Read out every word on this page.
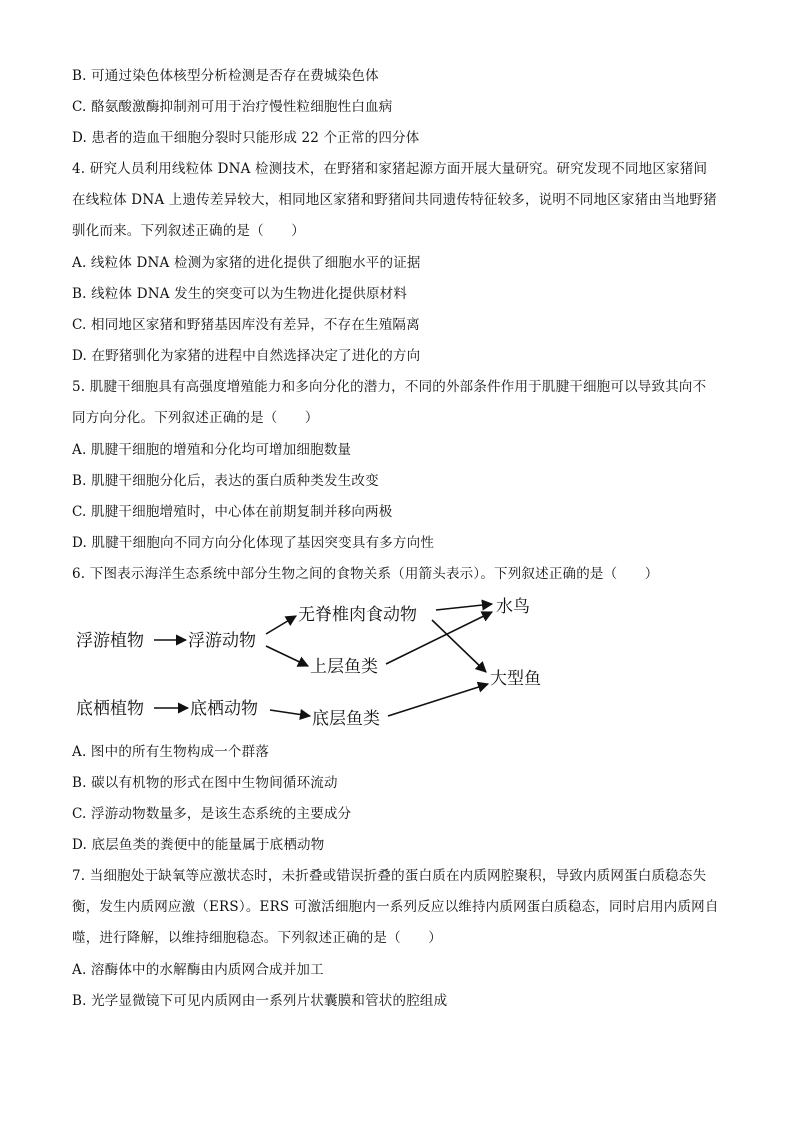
B. 可通过染色体核型分析检测是否存在费城染色体
C. 酪氨酸激酶抑制剂可用于治疗慢性粒细胞性白血病
D. 患者的造血干细胞分裂时只能形成 22 个正常的四分体
4. 研究人员利用线粒体 DNA 检测技术，在野猪和家猪起源方面开展大量研究。研究发现不同地区家猪间
在线粒体 DNA 上遗传差异较大，相同地区家猪和野猪间共同遗传特征较多，说明不同地区家猪由当地野猪
驯化而来。下列叙述正确的是（　　）
A. 线粒体 DNA 检测为家猪的进化提供了细胞水平的证据
B. 线粒体 DNA 发生的突变可以为生物进化提供原材料
C. 相同地区家猪和野猪基因库没有差异，不存在生殖隔离
D. 在野猪驯化为家猪的进程中自然选择决定了进化的方向
5. 肌腱干细胞具有高强度增殖能力和多向分化的潜力，不同的外部条件作用于肌腱干细胞可以导致其向不
同方向分化。下列叙述正确的是（　　）
A. 肌腱干细胞的增殖和分化均可增加细胞数量
B. 肌腱干细胞分化后，表达的蛋白质种类发生改变
C. 肌腱干细胞增殖时，中心体在前期复制并移向两极
D. 肌腱干细胞向不同方向分化体现了基因突变具有多方向性
6. 下图表示海洋生态系统中部分生物之间的食物关系（用箭头表示）。下列叙述正确的是（　　）
浮游植物	浮游动物
无脊椎肉食动物
上层鱼类
水鸟
大型鱼
底栖植物	底栖动物	底层鱼类
A. 图中的所有生物构成一个群落
B. 碳以有机物的形式在图中生物间循环流动
C. 浮游动物数量多，是该生态系统的主要成分
D. 底层鱼类的粪便中的能量属于底栖动物
7. 当细胞处于缺氧等应激状态时，未折叠或错误折叠的蛋白质在内质网腔聚积，导致内质网蛋白质稳态失
衡，发生内质网应激（ERS）。ERS 可激活细胞内一系列反应以维持内质网蛋白质稳态，同时启用内质网自
噬，进行降解，以维持细胞稳态。下列叙述正确的是（　　）
A. 溶酶体中的水解酶由内质网合成并加工
B. 光学显微镜下可见内质网由一系列片状囊膜和管状的腔组成
